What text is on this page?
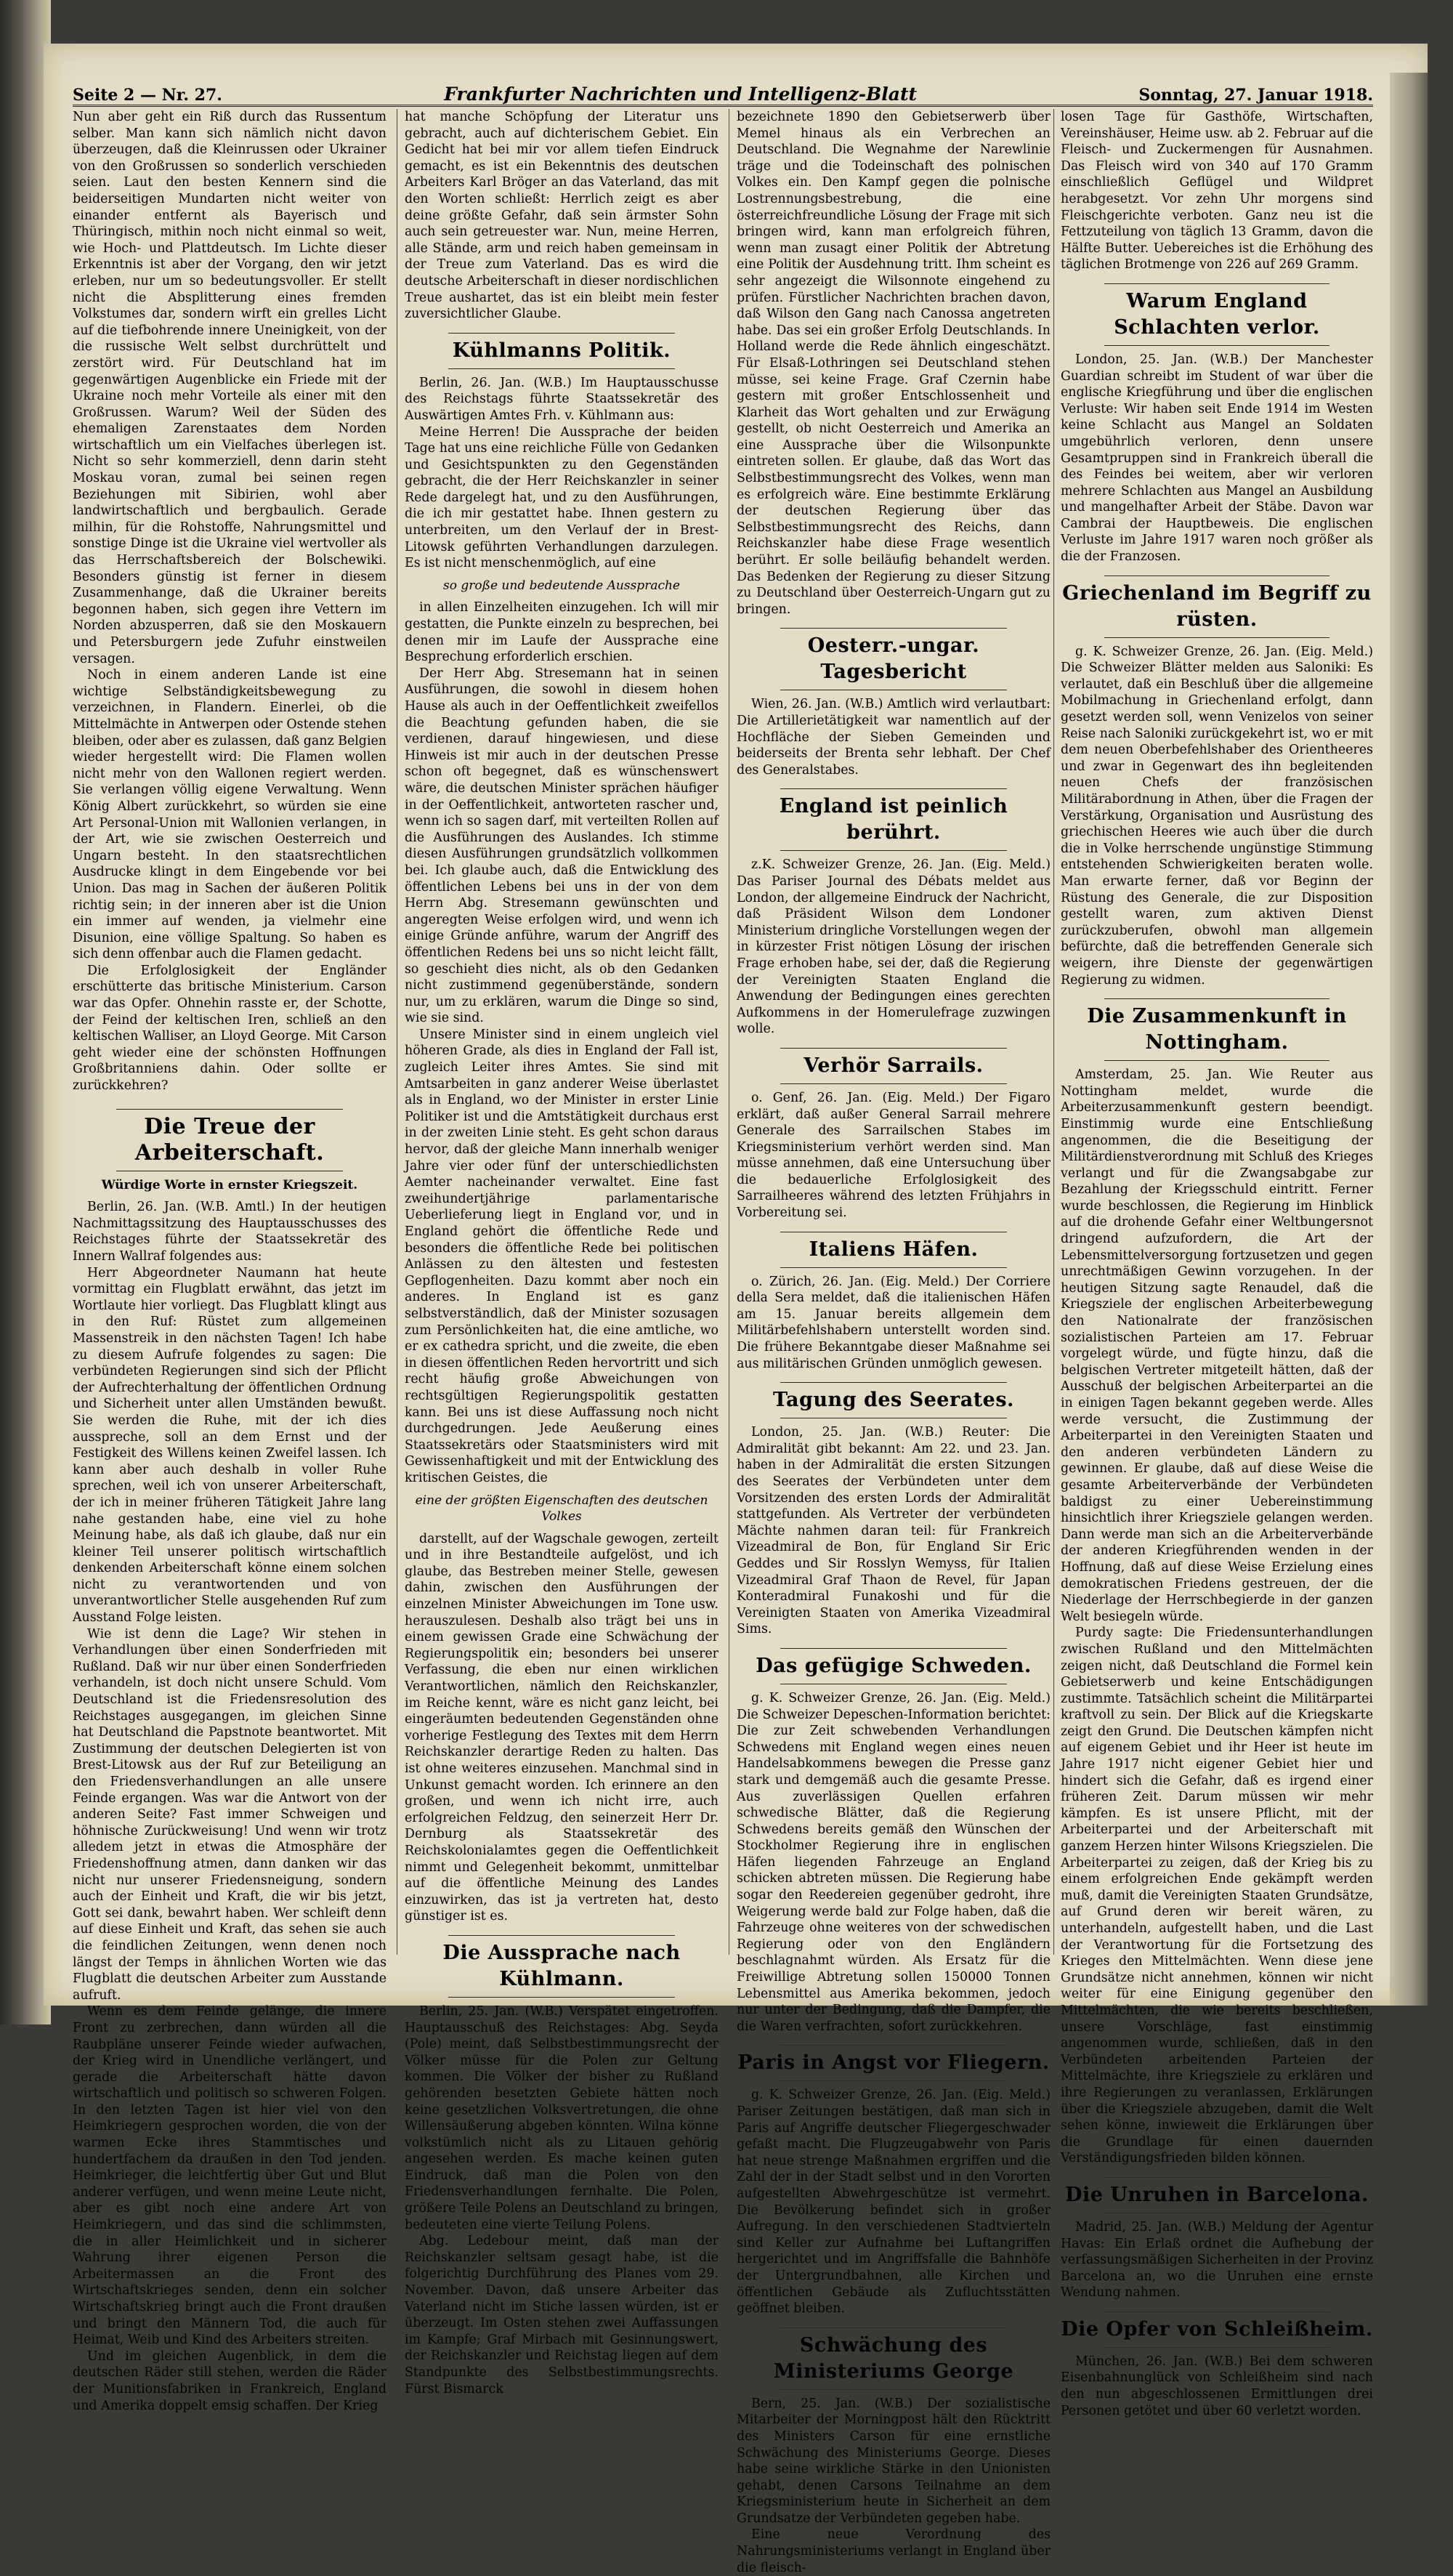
Seite 2 — Nr. 27.	Frankfurter Nachrichten und Intelligenz-Blatt	Sonntag, 27. Januar 1918.

Nun aber geht ein Riß durch das Russentum selber. Man kann sich nämlich nicht davon überzeugen, daß die Kleinrussen oder Ukrainer von den Großrussen so sonderlich verschieden seien. Laut den besten Kennern sind die beiderseitigen Mundarten nicht weiter von einander entfernt als Bayerisch und Thüringisch, mithin noch nicht einmal so weit, wie Hoch- und Plattdeutsch. Im Lichte dieser Erkenntnis ist aber der Vorgang, den wir jetzt erleben, nur um so bedeutungsvoller. Er stellt nicht die Absplitterung eines fremden Volkstumes dar, sondern wirft ein grelles Licht auf die tiefbohrende innere Uneinigkeit, von der die russische Welt selbst durchrüttelt und zerstört wird. Für Deutschland hat im gegenwärtigen Augenblicke ein Friede mit der Ukraine noch mehr Vorteile als einer mit den Großrussen. Warum? Weil der Süden des ehemaligen Zarenstaates dem Norden wirtschaftlich um ein Vielfaches überlegen ist. Nicht so sehr kommerziell, denn darin steht Moskau voran, zumal bei seinen regen Beziehungen mit Sibirien, wohl aber landwirtschaftlich und bergbaulich. Gerade milhin, für die Rohstoffe, Nahrungsmittel und sonstige Dinge ist die Ukraine viel wertvoller als das Herrschaftsbereich der Bolschewiki. Besonders günstig ist ferner in diesem Zusammenhange, daß die Ukrainer bereits begonnen haben, sich gegen ihre Vettern im Norden abzusperren, daß sie den Moskauern und Petersburgern jede Zufuhr einstweilen versagen.

Noch in einem anderen Lande ist eine wichtige Selbständigkeitsbewegung zu verzeichnen, in Flandern. Einerlei, ob die Mittelmächte in Antwerpen oder Ostende stehen bleiben, oder aber es zulassen, daß ganz Belgien wieder hergestellt wird: Die Flamen wollen nicht mehr von den Wallonen regiert werden. Sie verlangen völlig eigene Verwaltung. Wenn König Albert zurückkehrt, so würden sie eine Art Personal-Union mit Wallonien verlangen, in der Art, wie sie zwischen Oesterreich und Ungarn besteht. In den staatsrechtlichen Ausdrucke klingt in dem Eingebende vor bei Union. Das mag in Sachen der äußeren Politik richtig sein; in der inneren aber ist die Union ein immer auf wenden, ja vielmehr eine Disunion, eine völlige Spaltung. So haben es sich denn offenbar auch die Flamen gedacht.

Die Erfolglosigkeit der Engländer erschütterte das britische Ministerium. Carson war das Opfer. Ohnehin rasste er, der Schotte, der Feind der keltischen Iren, schließ an den keltischen Walliser, an Lloyd George. Mit Carson geht wieder eine der schönsten Hoffnungen Großbritanniens dahin. Oder sollte er zurückkehren?

Die Treue der Arbeiterschaft.
Würdige Worte in ernster Kriegszeit.

Berlin, 26. Jan. (W.B. Amtl.) In der heutigen Nachmittagssitzung des Hauptausschusses des Reichstages führte der Staatssekretär des Innern Wallraf folgendes aus:

Herr Abgeordneter Naumann hat heute vormittag ein Flugblatt erwähnt, das jetzt im Wortlaute hier vorliegt. Das Flugblatt klingt aus in den Ruf: Rüstet zum allgemeinen Massenstreik in den nächsten Tagen! Ich habe zu diesem Aufrufe folgendes zu sagen: Die verbündeten Regierungen sind sich der Pflicht der Aufrechterhaltung der öffentlichen Ordnung und Sicherheit unter allen Umständen bewußt. Sie werden die Ruhe, mit der ich dies ausspreche, soll an dem Ernst und der Festigkeit des Willens keinen Zweifel lassen. Ich kann aber auch deshalb in voller Ruhe sprechen, weil ich von unserer Arbeiterschaft, der ich in meiner früheren Tätigkeit Jahre lang nahe gestanden habe, eine viel zu hohe Meinung habe, als daß ich glaube, daß nur ein kleiner Teil unserer politisch wirtschaftlich denkenden Arbeiterschaft könne einem solchen nicht zu verantwortenden und von unverantwortlicher Stelle ausgehenden Ruf zum Ausstand Folge leisten.

Wie ist denn die Lage? Wir stehen in Verhandlungen über einen Sonderfrieden mit Rußland. Daß wir nur über einen Sonderfrieden verhandeln, ist doch nicht unsere Schuld. Vom Deutschland ist die Friedensresolution des Reichstages ausgegangen, im gleichen Sinne hat Deutschland die Papstnote beantwortet. Mit Zustimmung der deutschen Delegierten ist von Brest-Litowsk aus der Ruf zur Beteiligung an den Friedensverhandlungen an alle unsere Feinde ergangen. Was war die Antwort von der anderen Seite? Fast immer Schweigen und höhnische Zurückweisung! Und wenn wir trotz alledem jetzt in etwas die Atmosphäre der Friedenshoffnung atmen, dann danken wir das nicht nur unserer Friedensneigung, sondern auch der Einheit und Kraft, die wir bis jetzt, Gott sei dank, bewahrt haben. Wer schleift denn auf diese Einheit und Kraft, das sehen sie auch die feindlichen Zeitungen, wenn denen noch längst der Temps in ähnlichen Worten wie das Flugblatt die deutschen Arbeiter zum Ausstande aufruft.

Wenn es dem Feinde gelänge, die innere Front zu zerbrechen, dann würden all die Raubpläne unserer Feinde wieder aufwachen, der Krieg wird in Unendliche verlängert, und gerade die Arbeiterschaft hätte davon wirtschaftlich und politisch so schweren Folgen. In den letzten Tagen ist hier viel von den Heimkriegern gesprochen worden, die von der warmen Ecke ihres Stammtisches und hundertfachem da draußen in den Tod jenden. Heimkrieger, die leichtfertig über Gut und Blut anderer verfügen, und wenn meine Leute nicht, aber es gibt noch eine andere Art von Heimkriegern, und das sind die schlimmsten, die in aller Heimlichkeit und in sicherer Wahrung ihrer eigenen Person die Arbeitermassen an die Front des Wirtschaftskrieges senden, denn ein solcher Wirtschaftskrieg bringt auch die Front draußen und bringt den Männern Tod, die auch für Heimat, Weib und Kind des Arbeiters streiten.

Und im gleichen Augenblick, in dem die deutschen Räder still stehen, werden die Räder der Munitionsfabriken in Frankreich, England und Amerika doppelt emsig schaffen. Der Krieg

hat manche Schöpfung der Literatur uns gebracht, auch auf dichterischem Gebiet. Ein Gedicht hat bei mir vor allem tiefen Eindruck gemacht, es ist ein Bekenntnis des deutschen Arbeiters Karl Bröger an das Vaterland, das mit den Worten schließt: Herrlich zeigt es aber deine größte Gefahr, daß sein ärmster Sohn auch sein getreuester war. Nun, meine Herren, alle Stände, arm und reich haben gemeinsam in der Treue zum Vaterland. Das es wird die deutsche Arbeiterschaft in dieser nordischlichen Treue aushartet, das ist ein bleibt mein fester zuversichtlicher Glaube.

Kühlmanns Politik.

Berlin, 26. Jan. (W.B.) Im Hauptausschusse des Reichstags führte Staatssekretär des Auswärtigen Amtes Frh. v. Kühlmann aus:

Meine Herren! Die Aussprache der beiden Tage hat uns eine reichliche Fülle von Gedanken und Gesichtspunkten zu den Gegenständen gebracht, die der Herr Reichskanzler in seiner Rede dargelegt hat, und zu den Ausführungen, die ich mir gestattet habe. Ihnen gestern zu unterbreiten, um den Verlauf der in Brest-Litowsk geführten Verhandlungen darzulegen. Es ist nicht menschenmöglich, auf eine

so große und bedeutende Aussprache

in allen Einzelheiten einzugehen. Ich will mir gestatten, die Punkte einzeln zu besprechen, bei denen mir im Laufe der Aussprache eine Besprechung erforderlich erschien.

Der Herr Abg. Stresemann hat in seinen Ausführungen, die sowohl in diesem hohen Hause als auch in der Oeffentlichkeit zweifellos die Beachtung gefunden haben, die sie verdienen, darauf hingewiesen, und diese Hinweis ist mir auch in der deutschen Presse schon oft begegnet, daß es wünschenswert wäre, die deutschen Minister sprächen häufiger in der Oeffentlichkeit, antworteten rascher und, wenn ich so sagen darf, mit verteilten Rollen auf die Ausführungen des Auslandes. Ich stimme diesen Ausführungen grundsätzlich vollkommen bei. Ich glaube auch, daß die Entwicklung des öffentlichen Lebens bei uns in der von dem Herrn Abg. Stresemann gewünschten und angeregten Weise erfolgen wird, und wenn ich einige Gründe anführe, warum der Angriff des öffentlichen Redens bei uns so nicht leicht fällt, so geschieht dies nicht, als ob den Gedanken nicht zustimmend gegenüberstände, sondern nur, um zu erklären, warum die Dinge so sind, wie sie sind.

Unsere Minister sind in einem ungleich viel höheren Grade, als dies in England der Fall ist, zugleich Leiter ihres Amtes. Sie sind mit Amtsarbeiten in ganz anderer Weise überlastet als in England, wo der Minister in erster Linie Politiker ist und die Amtstätigkeit durchaus erst in der zweiten Linie steht. Es geht schon daraus hervor, daß der gleiche Mann innerhalb weniger Jahre vier oder fünf der unterschiedlichsten Aemter nacheinander verwaltet. Eine fast zweihundertjährige parlamentarische Ueberlieferung liegt in England vor, und in England gehört die öffentliche Rede und besonders die öffentliche Rede bei politischen Anlässen zu den ältesten und festesten Gepflogenheiten. Dazu kommt aber noch ein anderes. In England ist es ganz selbstverständlich, daß der Minister sozusagen zum Persönlichkeiten hat, die eine amtliche, wo er ex cathedra spricht, und die zweite, die eben in diesen öffentlichen Reden hervortritt und sich recht häufig große Abweichungen von rechtsgültigen Regierungspolitik gestatten kann. Bei uns ist diese Auffassung noch nicht durchgedrungen. Jede Aeußerung eines Staatssekretärs oder Staatsministers wird mit Gewissenhaftigkeit und mit der Entwicklung des kritischen Geistes, die

eine der größten Eigenschaften des deutschen Volkes

darstellt, auf der Wagschale gewogen, zerteilt und in ihre Bestandteile aufgelöst, und ich glaube, das Bestreben meiner Stelle, gewesen dahin, zwischen den Ausführungen der einzelnen Minister Abweichungen im Tone usw. herauszulesen. Deshalb also trägt bei uns in einem gewissen Grade eine Schwächung der Regierungspolitik ein; besonders bei unserer Verfassung, die eben nur einen wirklichen Verantwortlichen, nämlich den Reichskanzler, im Reiche kennt, wäre es nicht ganz leicht, bei eingeräumten bedeutenden Gegenständen ohne vorherige Festlegung des Textes mit dem Herrn Reichskanzler derartige Reden zu halten. Das ist ohne weiteres einzusehen. Manchmal sind in Unkunst gemacht worden. Ich erinnere an den großen, und wenn ich nicht irre, auch erfolgreichen Feldzug, den seinerzeit Herr Dr. Dernburg als Staatssekretär des Reichskolonialamtes gegen die Oeffentlichkeit nimmt und Gelegenheit bekommt, unmittelbar auf die öffentliche Meinung des Landes einzuwirken, das ist ja vertreten hat, desto günstiger ist es.

Die Aussprache nach Kühlmann.

Berlin, 25. Jan. (W.B.) Verspätet eingetroffen. Hauptausschuß des Reichstages: Abg. Seyda (Pole) meint, daß Selbstbestimmungsrecht der Völker müsse für die Polen zur Geltung kommen. Die Völker der bisher zu Rußland gehörenden besetzten Gebiete hätten noch keine gesetzlichen Volksvertretungen, die ohne Willensäußerung abgeben könnten. Wilna könne volkstümlich nicht als zu Litauen gehörig angesehen werden. Es mache keinen guten Eindruck, daß man die Polen von den Friedensverhandlungen fernhalte. Die Polen, größere Teile Polens an Deutschland zu bringen, bedeuteten eine vierte Teilung Polens.

Abg. Ledebour meint, daß man der Reichskanzler seltsam gesagt habe, ist die folgerichtig Durchführung des Planes vom 29. November. Davon, daß unsere Arbeiter das Vaterland nicht im Stiche lassen würden, ist er überzeugt. Im Osten stehen zwei Auffassungen im Kampfe; Graf Mirbach mit Gesinnungswert, der Reichskanzler und Reichstag liegen auf dem Standpunkte des Selbstbestimmungsrechts. Fürst Bismarck

bezeichnete 1890 den Gebietserwerb über Memel hinaus als ein Verbrechen an Deutschland. Die Wegnahme der Narewlinie träge und die Todeinschaft des polnischen Volkes ein. Den Kampf gegen die polnische Lostrennungsbestrebung, die eine österreichfreundliche Lösung der Frage mit sich bringen wird, kann man erfolgreich führen, wenn man zusagt einer Politik der Abtretung eine Politik der Ausdehnung tritt. Ihm scheint es sehr angezeigt die Wilsonnote eingehend zu prüfen. Fürstlicher Nachrichten brachen davon, daß Wilson den Gang nach Canossa angetreten habe. Das sei ein großer Erfolg Deutschlands. In Holland werde die Rede ähnlich eingeschätzt. Für Elsaß-Lothringen sei Deutschland stehen müsse, sei keine Frage. Graf Czernin habe gestern mit großer Entschlossenheit und Klarheit das Wort gehalten und zur Erwägung gestellt, ob nicht Oesterreich und Amerika an eine Aussprache über die Wilsonpunkte eintreten sollen. Er glaube, daß das Wort das Selbstbestimmungsrecht des Volkes, wenn man es erfolgreich wäre. Eine bestimmte Erklärung der deutschen Regierung über das Selbstbestimmungsrecht des Reichs, dann Reichskanzler habe diese Frage wesentlich berührt. Er solle beiläufig behandelt werden. Das Bedenken der Regierung zu dieser Sitzung zu Deutschland über Oesterreich-Ungarn gut zu bringen.

Oesterr.-ungar. Tagesbericht

Wien, 26. Jan. (W.B.) Amtlich wird verlautbart: Die Artillerietätigkeit war namentlich auf der Hochfläche der Sieben Gemeinden und beiderseits der Brenta sehr lebhaft. Der Chef des Generalstabes.

England ist peinlich berührt.

z.K. Schweizer Grenze, 26. Jan. (Eig. Meld.) Das Pariser Journal des Débats meldet aus London, der allgemeine Eindruck der Nachricht, daß Präsident Wilson dem Londoner Ministerium dringliche Vorstellungen wegen der in kürzester Frist nötigen Lösung der irischen Frage erhoben habe, sei der, daß die Regierung der Vereinigten Staaten England die Anwendung der Bedingungen eines gerechten Aufkommens in der Homerulefrage zuzwingen wolle.

Verhör Sarrails.

o. Genf, 26. Jan. (Eig. Meld.) Der Figaro erklärt, daß außer General Sarrail mehrere Generale des Sarrailschen Stabes im Kriegsministerium verhört werden sind. Man müsse annehmen, daß eine Untersuchung über die bedauerliche Erfolglosigkeit des Sarrailheeres während des letzten Frühjahrs in Vorbereitung sei.

Italiens Häfen.

o. Zürich, 26. Jan. (Eig. Meld.) Der Corriere della Sera meldet, daß die italienischen Häfen am 15. Januar bereits allgemein dem Militärbefehlshabern unterstellt worden sind. Die frühere Bekanntgabe dieser Maßnahme sei aus militärischen Gründen unmöglich gewesen.

Tagung des Seerates.

London, 25. Jan. (W.B.) Reuter: Die Admiralität gibt bekannt: Am 22. und 23. Jan. haben in der Admiralität die ersten Sitzungen des Seerates der Verbündeten unter dem Vorsitzenden des ersten Lords der Admiralität stattgefunden. Als Vertreter der verbündeten Mächte nahmen daran teil: für Frankreich Vizeadmiral de Bon, für England Sir Eric Geddes und Sir Rosslyn Wemyss, für Italien Vizeadmiral Graf Thaon de Revel, für Japan Konteradmiral Funakoshi und für die Vereinigten Staaten von Amerika Vizeadmiral Sims.

Das gefügige Schweden.

g. K. Schweizer Grenze, 26. Jan. (Eig. Meld.) Die Schweizer Depeschen-Information berichtet: Die zur Zeit schwebenden Verhandlungen Schwedens mit England wegen eines neuen Handelsabkommens bewegen die Presse ganz stark und demgemäß auch die gesamte Presse. Aus zuverlässigen Quellen erfahren schwedische Blätter, daß die Regierung Schwedens bereits gemäß den Wünschen der Stockholmer Regierung ihre in englischen Häfen liegenden Fahrzeuge an England schicken abtreten müssen. Die Regierung habe sogar den Reedereien gegenüber gedroht, ihre Weigerung werde bald zur Folge haben, daß die Fahrzeuge ohne weiteres von der schwedischen Regierung oder von den Engländern beschlagnahmt würden. Als Ersatz für die Freiwillige Abtretung sollen 150000 Tonnen Lebensmittel aus Amerika bekommen, jedoch nur unter der Bedingung, daß die Dampfer, die die Waren verfrachten, sofort zurückkehren.

Paris in Angst vor Fliegern.

g. K. Schweizer Grenze, 26. Jan. (Eig. Meld.) Pariser Zeitungen bestätigen, daß man sich in Paris auf Angriffe deutscher Fliegergeschwader gefaßt macht. Die Flugzeugabwehr von Paris hat neue strenge Maßnahmen ergriffen und die Zahl der in der Stadt selbst und in den Vororten aufgestellten Abwehrgeschütze ist vermehrt. Die Bevölkerung befindet sich in großer Aufregung. In den verschiedenen Stadtvierteln sind Keller zur Aufnahme bei Luftangriffen hergerichtet und im Angriffsfalle die Bahnhöfe der Untergrundbahnen, alle Kirchen und öffentlichen Gebäude als Zufluchtsstätten geöffnet bleiben.

Schwächung des Ministeriums George

Bern, 25. Jan. (W.B.) Der sozialistische Mitarbeiter der Morningpost hält den Rücktritt des Ministers Carson für eine ernstliche Schwächung des Ministeriums George. Dieses habe seine wirkliche Stärke in den Unionisten gehabt, denen Carsons Teilnahme an dem Kriegsministerium heute in Sicherheit an dem Grundsatze der Verbündeten gegeben habe.

Eine neue Verordnung des Nahrungsministeriums verlangt in England über die fleisch-

losen Tage für Gasthöfe, Wirtschaften, Vereinshäuser, Heime usw. ab 2. Februar auf die Fleisch- und Zuckermengen für Ausnahmen. Das Fleisch wird von 340 auf 170 Gramm einschließlich Geflügel und Wildpret herabgesetzt. Vor zehn Uhr morgens sind Fleischgerichte verboten. Ganz neu ist die Fettzuteilung von täglich 13 Gramm, davon die Hälfte Butter. Uebereiches ist die Erhöhung des täglichen Brotmenge von 226 auf 269 Gramm.

Warum England Schlachten verlor.

London, 25. Jan. (W.B.) Der Manchester Guardian schreibt im Student of war über die englische Kriegführung und über die englischen Verluste: Wir haben seit Ende 1914 im Westen keine Schlacht aus Mangel an Soldaten umgebührlich verloren, denn unsere Gesamtpruppen sind in Frankreich überall die des Feindes bei weitem, aber wir verloren mehrere Schlachten aus Mangel an Ausbildung und mangelhafter Arbeit der Stäbe. Davon war Cambrai der Hauptbeweis. Die englischen Verluste im Jahre 1917 waren noch größer als die der Franzosen.

Griechenland im Begriff zu rüsten.

g. K. Schweizer Grenze, 26. Jan. (Eig. Meld.) Die Schweizer Blätter melden aus Saloniki: Es verlautet, daß ein Beschluß über die allgemeine Mobilmachung in Griechenland erfolgt, dann gesetzt werden soll, wenn Venizelos von seiner Reise nach Saloniki zurückgekehrt ist, wo er mit dem neuen Oberbefehlshaber des Orientheeres und zwar in Gegenwart des ihn begleitenden neuen Chefs der französischen Militärabordnung in Athen, über die Fragen der Verstärkung, Organisation und Ausrüstung des griechischen Heeres wie auch über die durch die in Volke herrschende ungünstige Stimmung entstehenden Schwierigkeiten beraten wolle. Man erwarte ferner, daß vor Beginn der Rüstung des Generale, die zur Disposition gestellt waren, zum aktiven Dienst zurückzuberufen, obwohl man allgemein befürchte, daß die betreffenden Generale sich weigern, ihre Dienste der gegenwärtigen Regierung zu widmen.

Die Zusammenkunft in Nottingham.

Amsterdam, 25. Jan. Wie Reuter aus Nottingham meldet, wurde die Arbeiterzusammenkunft gestern beendigt. Einstimmig wurde eine Entschließung angenommen, die die Beseitigung der Militärdienstverordnung mit Schluß des Krieges verlangt und für die Zwangsabgabe zur Bezahlung der Kriegsschuld eintritt. Ferner wurde beschlossen, die Regierung im Hinblick auf die drohende Gefahr einer Weltbungersnot dringend aufzufordern, die Art der Lebensmittelversorgung fortzusetzen und gegen unrechtmäßigen Gewinn vorzugehen. In der heutigen Sitzung sagte Renaudel, daß die Kriegsziele der englischen Arbeiterbewegung den Nationalrate der französischen sozialistischen Parteien am 17. Februar vorgelegt würde, und fügte hinzu, daß die belgischen Vertreter mitgeteilt hätten, daß der Ausschuß der belgischen Arbeiterpartei an die in einigen Tagen bekannt gegeben werde. Alles werde versucht, die Zustimmung der Arbeiterpartei in den Vereinigten Staaten und den anderen verbündeten Ländern zu gewinnen. Er glaube, daß auf diese Weise die gesamte Arbeiterverbände der Verbündeten baldigst zu einer Uebereinstimmung hinsichtlich ihrer Kriegsziele gelangen werden. Dann werde man sich an die Arbeiterverbände der anderen Kriegführenden wenden in der Hoffnung, daß auf diese Weise Erzielung eines demokratischen Friedens gestreuen, der die Niederlage der Herrschbegierde in der ganzen Welt besiegeln würde.

Purdy sagte: Die Friedensunterhandlungen zwischen Rußland und den Mittelmächten zeigen nicht, daß Deutschland die Formel kein Gebietserwerb und keine Entschädigungen zustimmte. Tatsächlich scheint die Militärpartei kraftvoll zu sein. Der Blick auf die Kriegskarte zeigt den Grund. Die Deutschen kämpfen nicht auf eigenem Gebiet und ihr Heer ist heute im Jahre 1917 nicht eigener Gebiet hier und hindert sich die Gefahr, daß es irgend einer früheren Zeit. Darum müssen wir mehr kämpfen. Es ist unsere Pflicht, mit der Arbeiterpartei und der Arbeiterschaft mit ganzem Herzen hinter Wilsons Kriegszielen. Die Arbeiterpartei zu zeigen, daß der Krieg bis zu einem erfolgreichen Ende gekämpft werden muß, damit die Vereinigten Staaten Grundsätze, auf Grund deren wir bereit wären, zu unterhandeln, aufgestellt haben, und die Last der Verantwortung für die Fortsetzung des Krieges den Mittelmächten. Wenn diese jene Grundsätze nicht annehmen, können wir nicht weiter für eine Einigung gegenüber den Mittelmächten, die wie bereits beschließen, unsere Vorschläge, fast einstimmig angenommen wurde, schließen, daß in den Verbündeten arbeitenden Parteien der Mittelmächte, ihre Kriegsziele zu erklären und ihre Regierungen zu veranlassen, Erklärungen über die Kriegsziele abzugeben, damit die Welt sehen könne, inwieweit die Erklärungen über die Grundlage für einen dauernden Verständigungsfrieden bilden können.

Die Unruhen in Barcelona.

Madrid, 25. Jan. (W.B.) Meldung der Agentur Havas: Ein Erlaß ordnet die Aufhebung der verfassungsmäßigen Sicherheiten in der Provinz Barcelona an, wo die Unruhen eine ernste Wendung nahmen.

Die Opfer von Schleißheim.

München, 26. Jan. (W.B.) Bei dem schweren Eisenbahnunglück von Schleißheim sind nach den nun abgeschlossenen Ermittlungen drei Personen getötet und über 60 verletzt worden.
